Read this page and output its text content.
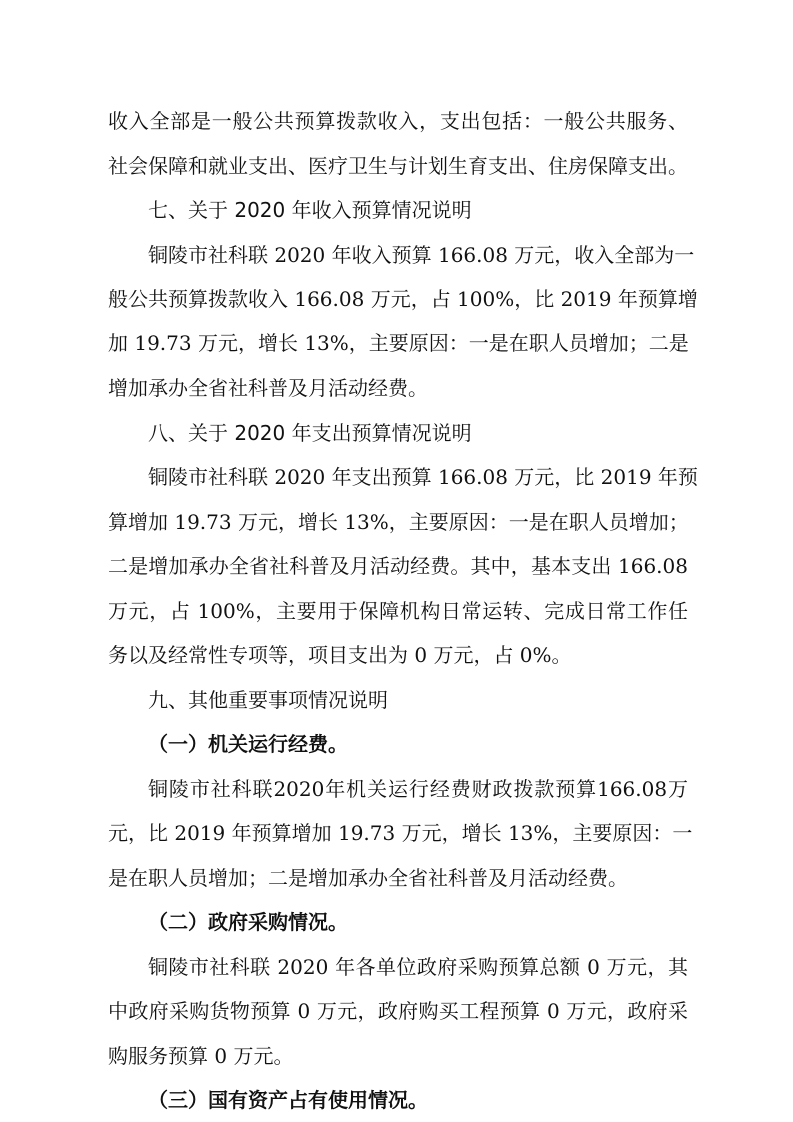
收入全部是一般公共预算拨款收入，支出包括：一般公共服务、
社会保障和就业支出、医疗卫生与计划生育支出、住房保障支出。
七、关于 2020 年收入预算情况说明
铜陵市社科联 2020 年收入预算 166.08 万元，收入全部为一
般公共预算拨款收入 166.08 万元，占 100%，比 2019 年预算增
加 19.73 万元，增长 13%，主要原因：一是在职人员增加；二是
增加承办全省社科普及月活动经费。
八、关于 2020 年支出预算情况说明
铜陵市社科联 2020 年支出预算 166.08 万元，比 2019 年预
算增加 19.73 万元，增长 13%，主要原因：一是在职人员增加；
二是增加承办全省社科普及月活动经费。其中，基本支出 166.08
万元，占 100%，主要用于保障机构日常运转、完成日常工作任
务以及经常性专项等，项目支出为 0 万元，占 0%。
九、其他重要事项情况说明
（一）机关运行经费。
铜陵市社科联2020年机关运行经费财政拨款预算166.08万
元，比 2019 年预算增加 19.73 万元，增长 13%，主要原因：一
是在职人员增加；二是增加承办全省社科普及月活动经费。
（二）政府采购情况。
铜陵市社科联 2020 年各单位政府采购预算总额 0 万元，其
中政府采购货物预算 0 万元，政府购买工程预算 0 万元，政府采
购服务预算 0 万元。
（三）国有资产占有使用情况。
